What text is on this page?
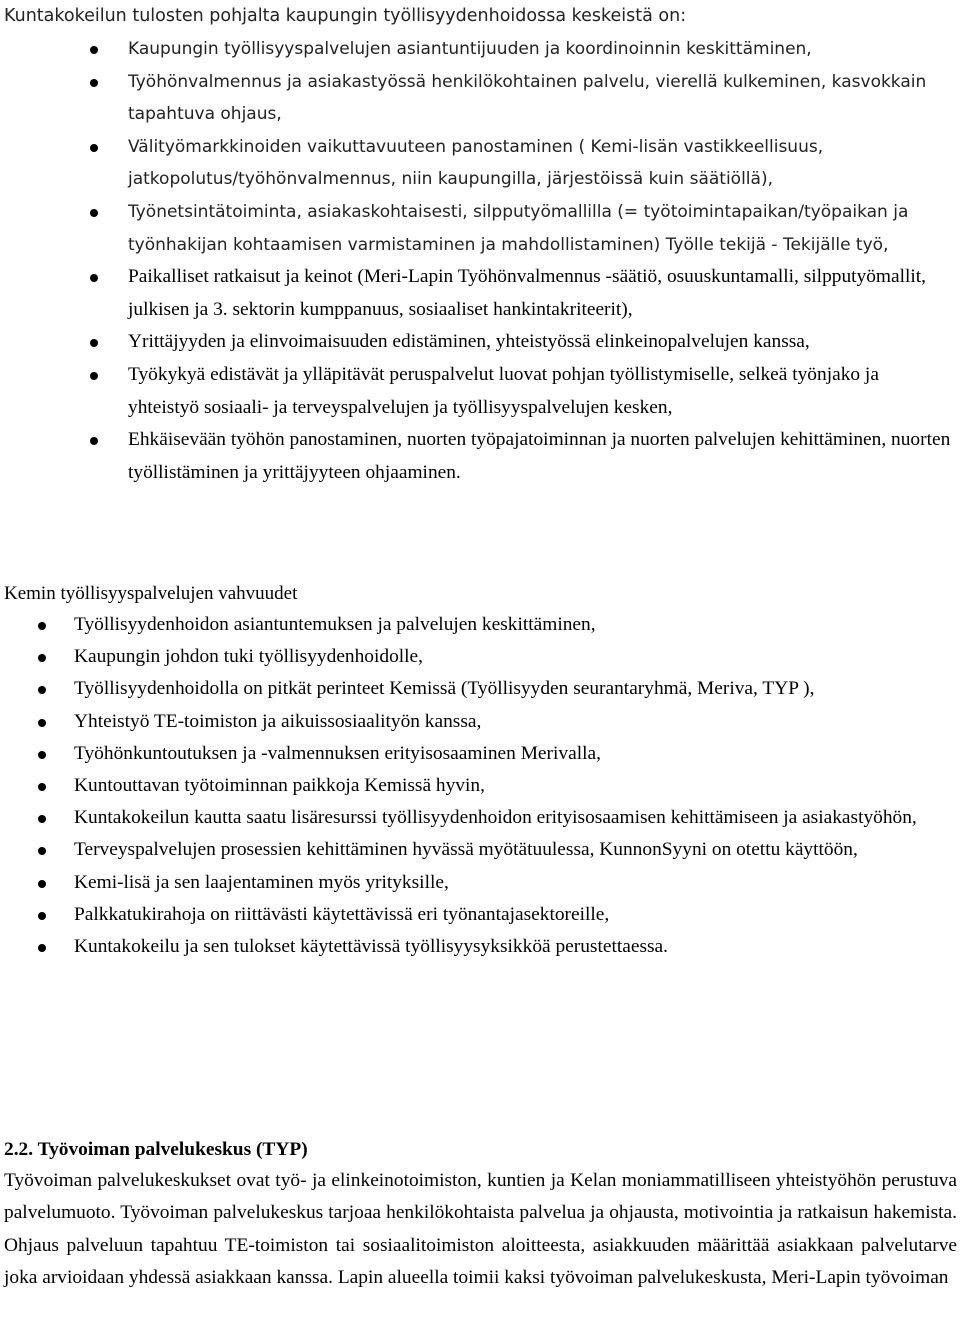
Kuntakokeilun tulosten pohjalta kaupungin työllisyydenhoidossa keskeistä on:
Kaupungin työllisyyspalvelujen asiantuntijuuden ja koordinoinnin keskittäminen,
Työhönvalmennus ja asiakastyössä henkilökohtainen palvelu, vierellä kulkeminen, kasvokkain tapahtuva ohjaus,
Välityömarkkinoiden vaikuttavuuteen panostaminen ( Kemi-lisän vastikkeellisuus, jatkopolutus/työhönvalmennus, niin kaupungilla, järjestöissä kuin säätiöllä),
Työnetsintätoiminta, asiakaskohtaisesti, silpputyömallilla (= työtoimintapaikan/työpaikan ja työnhakijan kohtaamisen varmistaminen ja mahdollistaminen) Työlle tekijä - Tekijälle työ,
Paikalliset ratkaisut ja keinot (Meri-Lapin Työhönvalmennus -säätiö, osuuskuntamalli, silpputyömallit, julkisen ja 3. sektorin kumppanuus, sosiaaliset hankintakriteerit),
Yrittäjyyden ja elinvoimaisuuden edistäminen, yhteistyössä elinkeinopalvelujen kanssa,
Työkykyä edistävät ja ylläpitävät peruspalvelut luovat pohjan työllistymiselle, selkeä työnjako ja yhteistyö sosiaali- ja terveyspalvelujen ja työllisyyspalvelujen kesken,
Ehkäisevään työhön panostaminen, nuorten työpajatoiminnan ja nuorten palvelujen kehittäminen, nuorten työllistäminen ja yrittäjyyteen ohjaaminen.
Kemin työllisyyspalvelujen vahvuudet
Työllisyydenhoidon asiantuntemuksen ja palvelujen keskittäminen,
Kaupungin johdon tuki työllisyydenhoidolle,
Työllisyydenhoidolla on pitkät perinteet Kemissä (Työllisyyden seurantaryhmä, Meriva, TYP ),
Yhteistyö TE-toimiston ja aikuissosiaalityön kanssa,
Työhönkuntoutuksen ja -valmennuksen erityisosaaminen Merivalla,
Kuntouttavan työtoiminnan paikkoja Kemissä hyvin,
Kuntakokeilun kautta saatu lisäresurssi työllisyydenhoidon erityisosaamisen kehittämiseen ja asiakastyöhön,
Terveyspalvelujen prosessien kehittäminen hyvässä myötätuulessa, KunnonSyyni on otettu käyttöön,
Kemi-lisä ja sen laajentaminen myös yrityksille,
Palkkatukirahoja on riittävästi käytettävissä eri työnantajasektoreille,
Kuntakokeilu ja sen tulokset käytettävissä työllisyysyksikköä perustettaessa.
2.2. Työvoiman palvelukeskus (TYP)
Työvoiman palvelukeskukset ovat työ- ja elinkeinotoimiston, kuntien ja Kelan moniammatilliseen yhteistyöhön perustuva palvelumuoto. Työvoiman palvelukeskus tarjoaa henkilökohtaista palvelua ja ohjausta, motivointia ja ratkaisun hakemista. Ohjaus palveluun tapahtuu TE-toimiston tai sosiaalitoimiston aloitteesta, asiakkuuden määrittää asiakkaan palvelutarve joka arvioidaan yhdessä asiakkaan kanssa. Lapin alueella toimii kaksi työvoiman palvelukeskusta, Meri-Lapin työvoiman
